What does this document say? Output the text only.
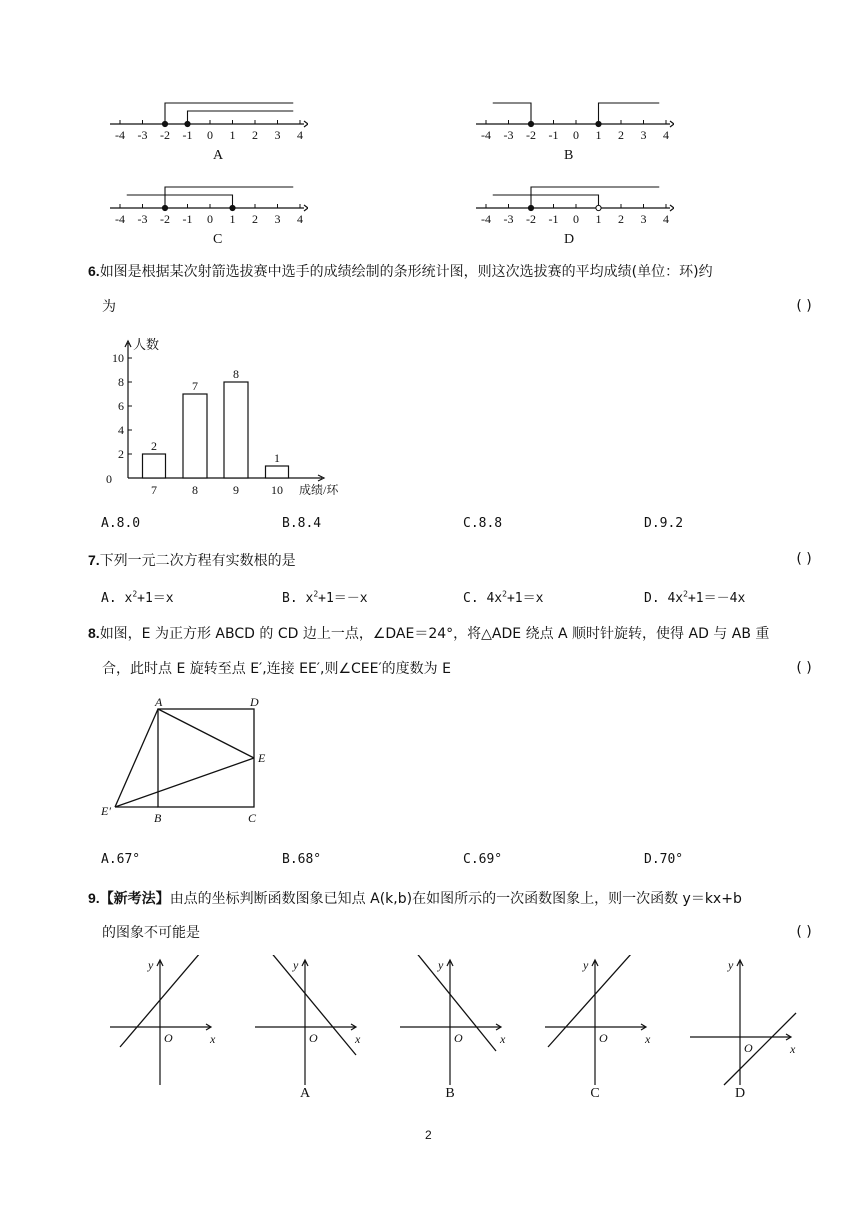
-4 -3 -2 -1 0 1 2 3 4
A
-4 -3 -2 -1 0 1 2 3 4
B
-4 -3 -2 -1 0 1 2 3 4
C
-4 -3 -2 -1 0 1 2 3 4
D
6.如图是根据某次射箭选拔赛中选手的成绩绘制的条形统计图，则这次选拔赛的平均成绩(单位：环)约
为	( )
人数
0
2
4
6
8
10
2
7
7
8
8
9
1
10 成绩/环
A.8.0	B.8.4	C.8.8	D.9.2
7.下列一元二次方程有实数根的是	( )
A. $x^2+1=x$	B. $x^2+1=-x$	C. $4x^2+1=x$	D. $4x^2+1=-4x$
8.如图，E 为正方形 ABCD 的 CD 边上一点，∠DAE＝24°，将△ADE 绕点 A 顺时针旋转，使得 AD 与 AB 重
合，此时点 E 旋转至点 E′,连接 EE′,则∠CEE′的度数为 E	( )
A	D
E
E′	B	C
A.67°	B.68°	C.69°	D.70°
9.【新考法】由点的坐标判断函数图象已知点 A(k,b)在如图所示的一次函数图象上，则一次函数 y＝kx+b
的图象不可能是	( )
y
x
O
y
x
O
A
y
x
O
B
y
x
O
C
y
x
O
D
2
